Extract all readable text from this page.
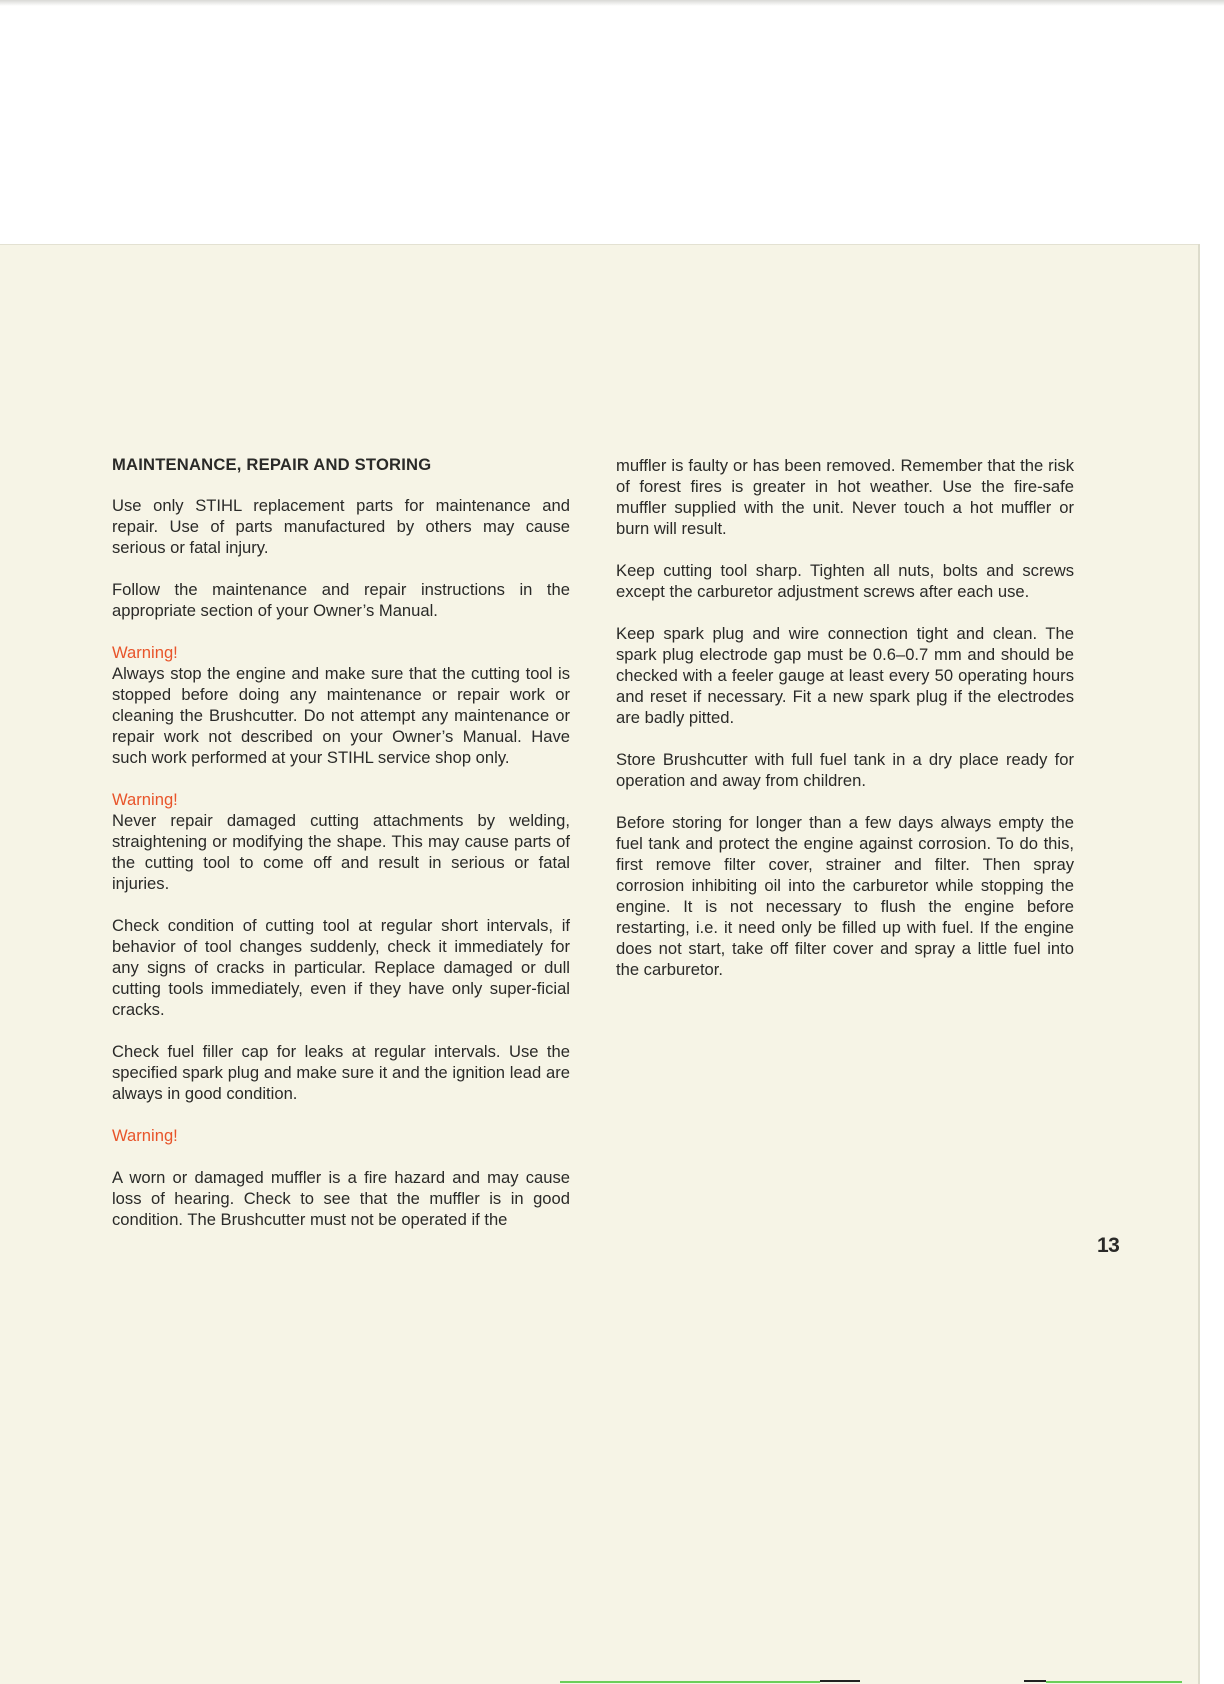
MAINTENANCE, REPAIR AND STORING

Use only STIHL replacement parts for maintenance and repair. Use of parts manufactured by others may cause serious or fatal injury.

Follow the maintenance and repair instructions in the appropriate section of your Owner’s Manual.

Warning!

Always stop the engine and make sure that the cutting tool is stopped before doing any maintenance or repair work or cleaning the Brushcutter. Do not attempt any maintenance or repair work not described on your Owner’s Manual. Have such work performed at your STIHL service shop only.

Warning!

Never repair damaged cutting attachments by welding, straightening or modifying the shape. This may cause parts of the cutting tool to come off and result in serious or fatal injuries.

Check condition of cutting tool at regular short intervals, if behavior of tool changes suddenly, check it immediately for any signs of cracks in particular. Replace damaged or dull cutting tools immediately, even if they have only super-ficial cracks.

Check fuel filler cap for leaks at regular intervals. Use the specified spark plug and make sure it and the ignition lead are always in good condition.

Warning!

A worn or damaged muffler is a fire hazard and may cause loss of hearing. Check to see that the muffler is in good condition. The Brushcutter must not be operated if the

muffler is faulty or has been removed. Remember that the risk of forest fires is greater in hot weather. Use the fire-safe muffler supplied with the unit. Never touch a hot muffler or burn will result.

Keep cutting tool sharp. Tighten all nuts, bolts and screws except the carburetor adjustment screws after each use.

Keep spark plug and wire connection tight and clean. The spark plug electrode gap must be 0.6–0.7 mm and should be checked with a feeler gauge at least every 50 operating hours and reset if necessary. Fit a new spark plug if the electrodes are badly pitted.

Store Brushcutter with full fuel tank in a dry place ready for operation and away from children.

Before storing for longer than a few days always empty the fuel tank and protect the engine against corrosion. To do this, first remove filter cover, strainer and filter. Then spray corrosion inhibiting oil into the carburetor while stopping the engine. It is not necessary to flush the engine before restarting, i.e. it need only be filled up with fuel. If the engine does not start, take off filter cover and spray a little fuel into the carburetor.

13
